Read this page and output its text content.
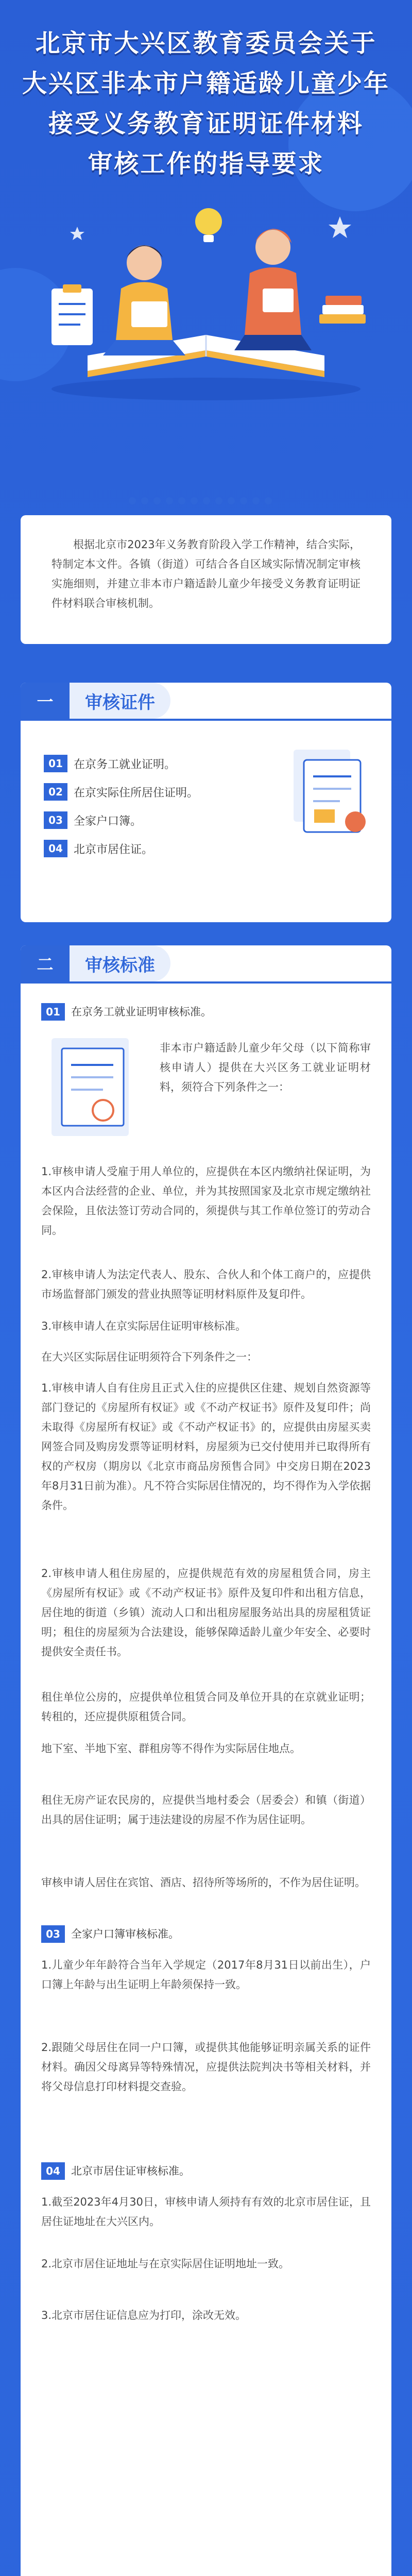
北京市大兴区教育委员会关于
大兴区非本市户籍适龄儿童少年
接受义务教育证明证件材料
审核工作的指导要求

根据北京市2023年义务教育阶段入学工作精神，结合实际，特制定本文件。各镇（街道）可结合各自区域实际情况制定审核实施细则，并建立非本市户籍适龄儿童少年接受义务教育证明证件材料联合审核机制。

一	审核证件
01 在京务工就业证明。
02 在京实际住所居住证明。
03 全家户口簿。
04 北京市居住证。
二	审核标准
01	在京务工就业证明审核标准。
非本市户籍适龄儿童少年父母（以下简称审核申请人）提供在大兴区务工就业证明材料，须符合下列条件之一：
1.审核申请人受雇于用人单位的，应提供在本区内缴纳社保证明，为本区内合法经营的企业、单位，并为其按照国家及北京市规定缴纳社会保险，且依法签订劳动合同的，须提供与其工作单位签订的劳动合同。
2.审核申请人为法定代表人、股东、合伙人和个体工商户的，应提供市场监督部门颁发的营业执照等证明材料原件及复印件。
3.审核申请人在京实际居住证明审核标准。
在大兴区实际居住证明须符合下列条件之一：
1.审核申请人自有住房且正式入住的应提供区住建、规划自然资源等部门登记的《房屋所有权证》或《不动产权证书》原件及复印件；尚未取得《房屋所有权证》或《不动产权证书》的，应提供由房屋买卖网签合同及购房发票等证明材料，房屋须为已交付使用并已取得所有权的产权房（期房以《北京市商品房预售合同》中交房日期在2023年8月31日前为准）。凡不符合实际居住情况的，均不得作为入学依据条件。
2.审核申请人租住房屋的，应提供规范有效的房屋租赁合同，房主《房屋所有权证》或《不动产权证书》原件及复印件和出租方信息，居住地的街道（乡镇）流动人口和出租房屋服务站出具的房屋租赁证明；租住的房屋须为合法建设，能够保障适龄儿童少年安全、必要时提供安全责任书。
租住单位公房的，应提供单位租赁合同及单位开具的在京就业证明；转租的，还应提供原租赁合同。
地下室、半地下室、群租房等不得作为实际居住地点。
租住无房产证农民房的，应提供当地村委会（居委会）和镇（街道）出具的居住证明；属于违法建设的房屋不作为居住证明。
审核申请人居住在宾馆、酒店、招待所等场所的，不作为居住证明。
03	全家户口簿审核标准。
1.儿童少年年龄符合当年入学规定（2017年8月31日以前出生），户口簿上年龄与出生证明上年龄须保持一致。
2.跟随父母居住在同一户口簿，或提供其他能够证明亲属关系的证件材料。确因父母离异等特殊情况，应提供法院判决书等相关材料，并将父母信息打印材料提交查验。
04	北京市居住证审核标准。
1.截至2023年4月30日，审核申请人须持有有效的北京市居住证，且居住证地址在大兴区内。
2.北京市居住证地址与在京实际居住证明地址一致。
3.北京市居住证信息应为打印，涂改无效。
